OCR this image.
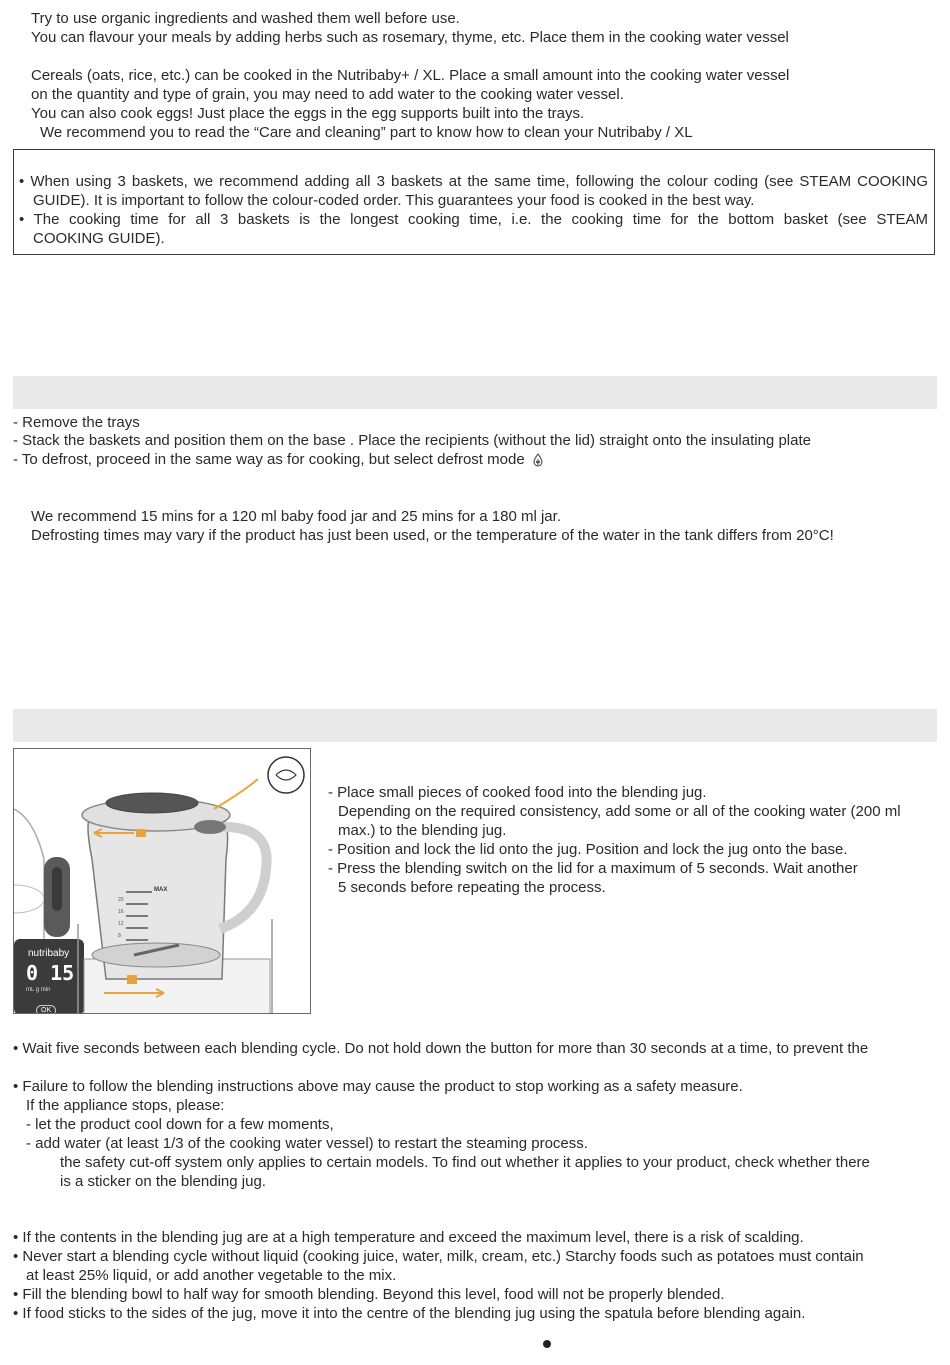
Try to use organic ingredients and washed them well before use.
You can flavour your meals by adding herbs such as rosemary, thyme, etc. Place them in the cooking water vessel
Cereals (oats, rice, etc.) can be cooked in the Nutribaby+ / XL. Place a small amount into the cooking water vessel
on the quantity and type of grain, you may need to add water to the cooking water vessel.
You can also cook eggs! Just place the eggs in the egg supports built into the trays.
We recommend you to read the “Care and cleaning” part to know how to clean your Nutribaby / XL
• When using 3 baskets, we recommend adding all 3 baskets at the same time, following the colour coding (see STEAM COOKING
GUIDE). It is important to follow the colour-coded order. This guarantees your food is cooked in the best way.
• The cooking time for all 3 baskets is the longest cooking time, i.e. the cooking time for the bottom basket (see STEAM
COOKING GUIDE).
- Remove the trays
- Stack the baskets and position them on the base . Place the recipients (without the lid) straight onto the insulating plate
- To defrost, proceed in the same way as for cooking, but select defrost mode
We recommend 15 mins for a 120 ml baby food jar and 25 mins for a 180 ml jar.
Defrosting times may vary if the product has just been used, or the temperature of the water in the tank differs from 20°C!
MAX
20
16
12
8
nutribaby
0 15
mL g min
OK
- Place small pieces of cooked food into the blending jug.
Depending on the required consistency, add some or all of the cooking water (200 ml
max.) to the blending jug.
- Position and lock the lid onto the jug. Position and lock the jug onto the base.
- Press the blending switch on the lid for a maximum of 5 seconds. Wait another
5 seconds before repeating the process.
• Wait five seconds between each blending cycle. Do not hold down the button for more than 30 seconds at a time, to prevent the
• Failure to follow the blending instructions above may cause the product to stop working as a safety measure.
If the appliance stops, please:
- let the product cool down for a few moments,
- add water (at least 1/3 of the cooking water vessel) to restart the steaming process.
the safety cut-off system only applies to certain models. To find out whether it applies to your product, check whether there
is a sticker on the blending jug.
• If the contents in the blending jug are at a high temperature and exceed the maximum level, there is a risk of scalding.
• Never start a blending cycle without liquid (cooking juice, water, milk, cream, etc.) Starchy foods such as potatoes must contain
at least 25% liquid, or add another vegetable to the mix.
• Fill the blending bowl to half way for smooth blending. Beyond this level, food will not be properly blended.
• If food sticks to the sides of the jug, move it into the centre of the blending jug using the spatula before blending again.
